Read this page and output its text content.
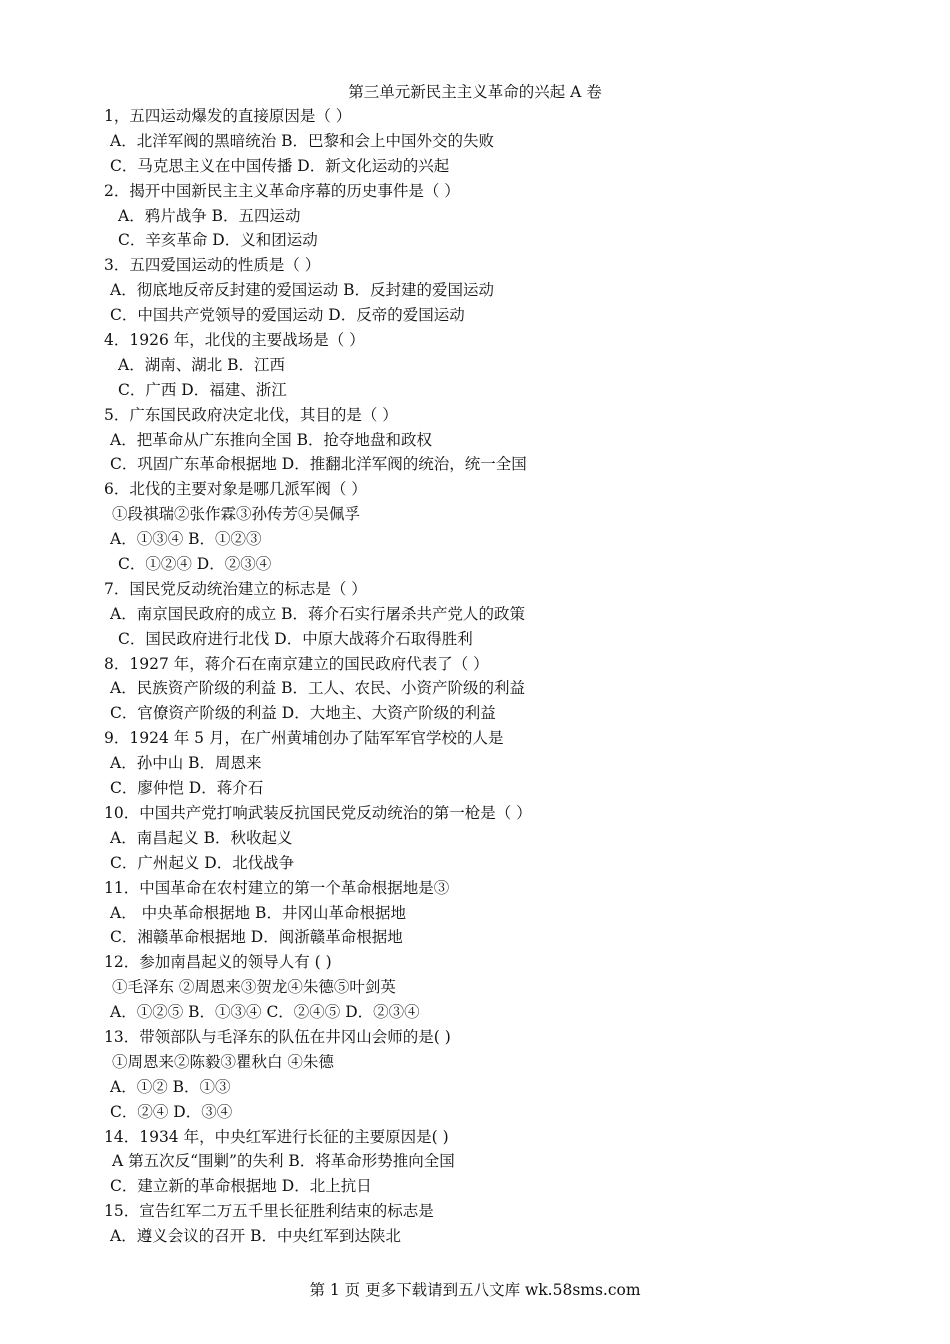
第三单元新民主主义革命的兴起 A 卷
1，五四运动爆发的直接原因是（ ）
A．北洋军阀的黑暗统治 B．巴黎和会上中国外交的失败
C．马克思主义在中国传播 D．新文化运动的兴起
2．揭开中国新民主主义革命序幕的历史事件是（ ）
A．鸦片战争 B．五四运动
C．辛亥革命 D．义和团运动
3．五四爱国运动的性质是（ ）
A．彻底地反帝反封建的爱国运动 B．反封建的爱国运动
C．中国共产党领导的爱国运动 D．反帝的爱国运动
4．1926 年，北伐的主要战场是（ ）
A．湖南、湖北 B．江西
C．广西 D．福建、浙江
5．广东国民政府决定北伐，其目的是（ ）
A．把革命从广东推向全国 B．抢夺地盘和政权
C．巩固广东革命根据地 D．推翻北洋军阀的统治，统一全国
6．北伐的主要对象是哪几派军阀（ ）
①段祺瑞②张作霖③孙传芳④吴佩孚
A．①③④ B．①②③
C．①②④ D．②③④
7．国民党反动统治建立的标志是（ ）
A．南京国民政府的成立 B．蒋介石实行屠杀共产党人的政策
C．国民政府进行北伐 D．中原大战蒋介石取得胜利
8．1927 年，蒋介石在南京建立的国民政府代表了（ ）
A．民族资产阶级的利益 B．工人、农民、小资产阶级的利益
C．官僚资产阶级的利益 D．大地主、大资产阶级的利益
9．1924 年 5 月，在广州黄埔创办了陆军军官学校的人是
A．孙中山 B．周恩来
C．廖仲恺 D．蒋介石
10．中国共产党打响武装反抗国民党反动统治的第一枪是（ ）
A．南昌起义 B．秋收起义
C．广州起义 D．北伐战争
11．中国革命在农村建立的第一个革命根据地是③
A． 中央革命根据地 B．井冈山革命根据地
C．湘赣革命根据地 D．闽浙赣革命根据地
12．参加南昌起义的领导人有 ( )
①毛泽东 ②周恩来③贺龙④朱德⑤叶剑英
A．①②⑤ B．①③④ C．②④⑤ D．②③④
13．带领部队与毛泽东的队伍在井冈山会师的是( )
①周恩来②陈毅③瞿秋白 ④朱德
A．①② B．①③
C．②④ D．③④
14．1934 年，中央红军进行长征的主要原因是( )
A 第五次反“围剿”的失利 B．将革命形势推向全国
C．建立新的革命根据地 D．北上抗日
15．宣告红军二万五千里长征胜利结束的标志是
A．遵义会议的召开 B．中央红军到达陕北
第 1 页 更多下载请到五八文库 wk.58sms.com
